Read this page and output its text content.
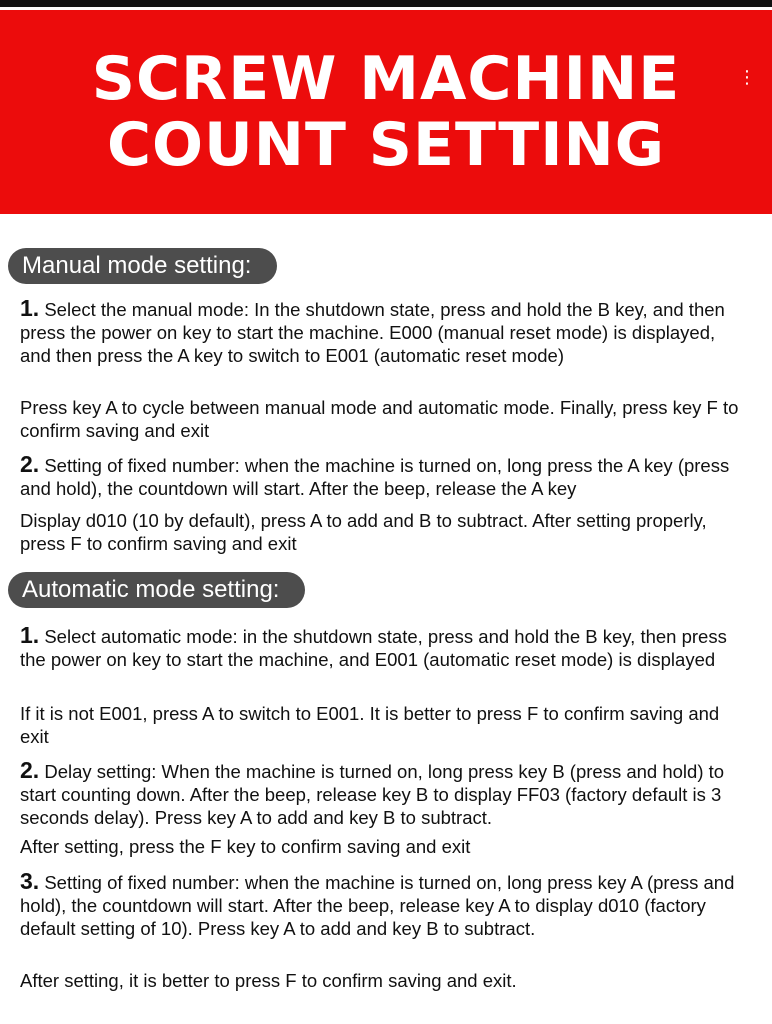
SCREW MACHINE
COUNT SETTING
⋮
Manual mode setting:

1. Select the manual mode: In the shutdown state, press and hold the B key, and then press the power on key to start the machine. E000 (manual reset mode) is displayed, and then press the A key to switch to E001 (automatic reset mode)

Press key A to cycle between manual mode and automatic mode. Finally, press key F to confirm saving and exit

2. Setting of fixed number: when the machine is turned on, long press the A key (press and hold), the countdown will start. After the beep, release the A key

Display d010 (10 by default), press A to add and B to subtract. After setting properly, press F to confirm saving and exit

Automatic mode setting:

1. Select automatic mode: in the shutdown state, press and hold the B key, then press the power on key to start the machine, and E001 (automatic reset mode) is displayed

If it is not E001, press A to switch to E001. It is better to press F to confirm saving and exit

2. Delay setting: When the machine is turned on, long press key B (press and hold) to start counting down. After the beep, release key B to display FF03 (factory default is 3 seconds delay). Press key A to add and key B to subtract.

After setting, press the F key to confirm saving and exit

3. Setting of fixed number: when the machine is turned on, long press key A (press and hold), the countdown will start. After the beep, release key A to display d010 (factory default setting of 10). Press key A to add and key B to subtract.

After setting, it is better to press F to confirm saving and exit.
